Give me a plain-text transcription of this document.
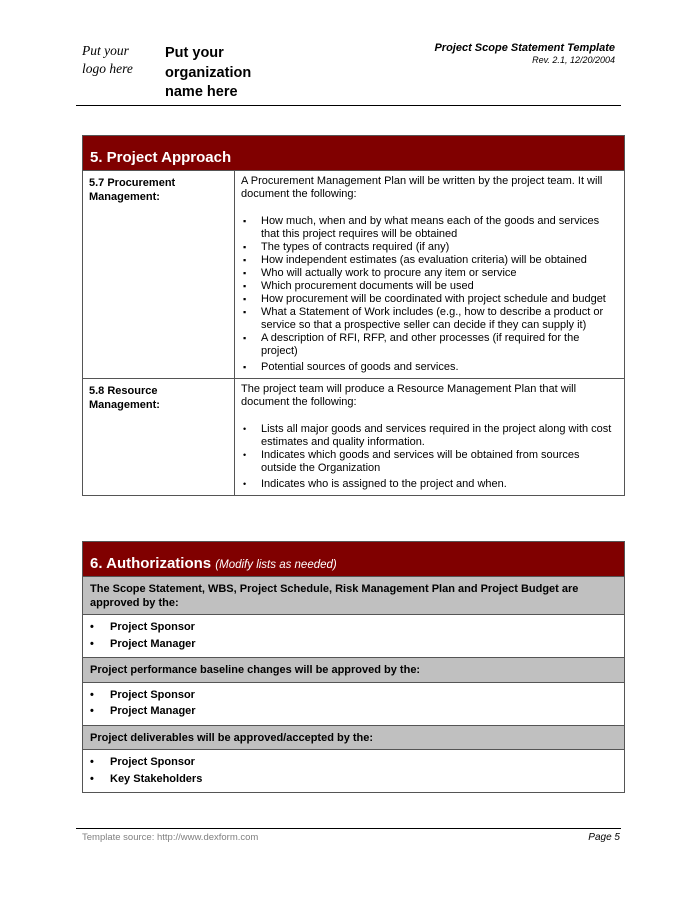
Put your logo here
Put your organization name here
Project Scope Statement Template
Rev. 2.1, 12/20/2004
5. Project Approach
5.7 Procurement Management:
A Procurement Management Plan will be written by the project team. It will document the following:
▪ How much, when and by what means each of the goods and services that this project requires will be obtained
▪ The types of contracts required (if any)
▪ How independent estimates (as evaluation criteria) will be obtained
▪ Who will actually work to procure any item or service
▪ Which procurement documents will be used
▪ How procurement will be coordinated with project schedule and budget
▪ What a Statement of Work includes (e.g., how to describe a product or service so that a prospective seller can decide if they can supply it)
▪ A description of RFI, RFP, and other processes (if required for the project)
▪ Potential sources of goods and services.
5.8 Resource Management:
The project team will produce a Resource Management Plan that will document the following:
• Lists all major goods and services required in the project along with cost estimates and quality information.
• Indicates which goods and services will be obtained from sources outside the Organization
• Indicates who is assigned to the project and when.
6. Authorizations (Modify lists as needed)
The Scope Statement, WBS, Project Schedule, Risk Management Plan and Project Budget are approved by the:
• Project Sponsor
• Project Manager
Project performance baseline changes will be approved by the:
• Project Sponsor
• Project Manager
Project deliverables will be approved/accepted by the:
• Project Sponsor
• Key Stakeholders
Template source: http://www.dexform.com	Page 5
